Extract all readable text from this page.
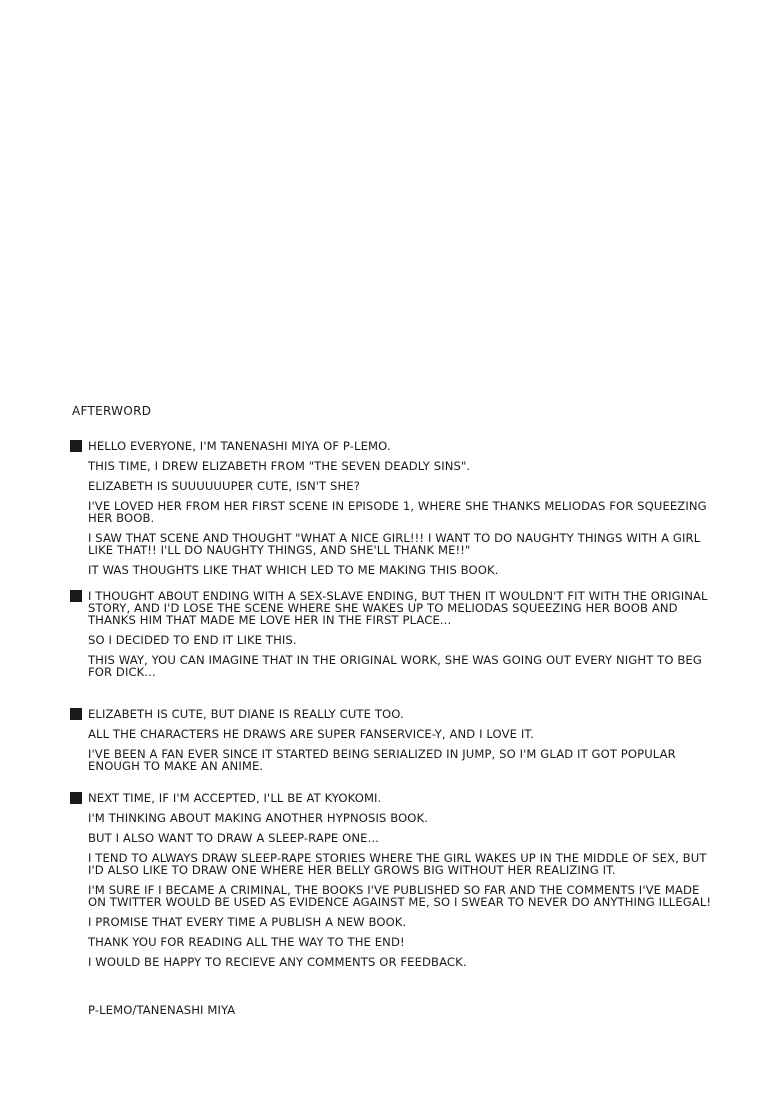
AFTERWORD

HELLO EVERYONE, I'M TANENASHI MIYA OF P-LEMO.

THIS TIME, I DREW ELIZABETH FROM "THE SEVEN DEADLY SINS".

ELIZABETH IS SUUUUUUPER CUTE, ISN'T SHE?

I'VE LOVED HER FROM HER FIRST SCENE IN EPISODE 1, WHERE SHE THANKS MELIODAS FOR SQUEEZING HER BOOB.

I SAW THAT SCENE AND THOUGHT "WHAT A NICE GIRL!!! I WANT TO DO NAUGHTY THINGS WITH A GIRL LIKE THAT!! I'LL DO NAUGHTY THINGS, AND SHE'LL THANK ME!!"

IT WAS THOUGHTS LIKE THAT WHICH LED TO ME MAKING THIS BOOK.

I THOUGHT ABOUT ENDING WITH A SEX-SLAVE ENDING, BUT THEN IT WOULDN'T FIT WITH THE ORIGINAL STORY, AND I'D LOSE THE SCENE WHERE SHE WAKES UP TO MELIODAS SQUEEZING HER BOOB AND THANKS HIM THAT MADE ME LOVE HER IN THE FIRST PLACE...

SO I DECIDED TO END IT LIKE THIS.

THIS WAY, YOU CAN IMAGINE THAT IN THE ORIGINAL WORK, SHE WAS GOING OUT EVERY NIGHT TO BEG FOR DICK...

ELIZABETH IS CUTE, BUT DIANE IS REALLY CUTE TOO.

ALL THE CHARACTERS HE DRAWS ARE SUPER FANSERVICE-Y, AND I LOVE IT.

I'VE BEEN A FAN EVER SINCE IT STARTED BEING SERIALIZED IN JUMP, SO I'M GLAD IT GOT POPULAR ENOUGH TO MAKE AN ANIME.

NEXT TIME, IF I'M ACCEPTED, I'LL BE AT KYOKOMI.

I'M THINKING ABOUT MAKING ANOTHER HYPNOSIS BOOK.

BUT I ALSO WANT TO DRAW A SLEEP-RAPE ONE...

I TEND TO ALWAYS DRAW SLEEP-RAPE STORIES WHERE THE GIRL WAKES UP IN THE MIDDLE OF SEX, BUT I'D ALSO LIKE TO DRAW ONE WHERE HER BELLY GROWS BIG WITHOUT HER REALIZING IT.

I'M SURE IF I BECAME A CRIMINAL, THE BOOKS I'VE PUBLISHED SO FAR AND THE COMMENTS I'VE MADE ON TWITTER WOULD BE USED AS EVIDENCE AGAINST ME, SO I SWEAR TO NEVER DO ANYTHING ILLEGAL!

I PROMISE THAT EVERY TIME A PUBLISH A NEW BOOK.

THANK YOU FOR READING ALL THE WAY TO THE END!

I WOULD BE HAPPY TO RECIEVE ANY COMMENTS OR FEEDBACK.

P-LEMO/TANENASHI MIYA
